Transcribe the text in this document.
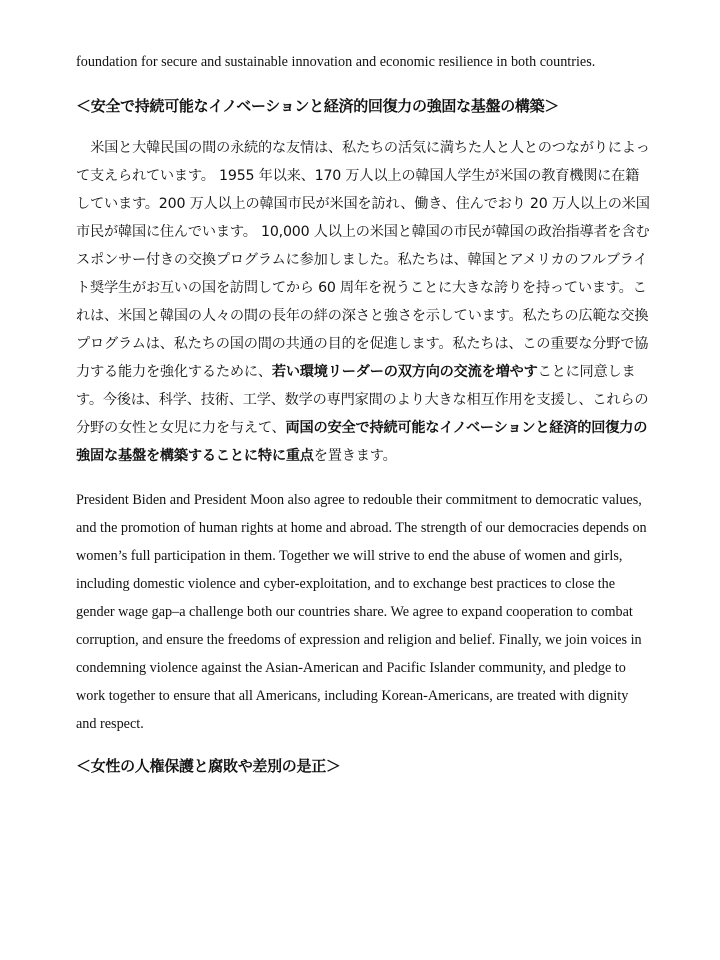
foundation for secure and sustainable innovation and economic resilience in both countries.

＜安全で持続可能なイノベーションと経済的回復力の強固な基盤の構築＞

米国と大韓民国の間の永続的な友情は、私たちの活気に満ちた人と人とのつながりによって支えられています。 1955 年以来、170 万人以上の韓国人学生が米国の教育機関に在籍しています。200 万人以上の韓国市民が米国を訪れ、働き、住んでおり 20 万人以上の米国市民が韓国に住んでいます。 10,000 人以上の米国と韓国の市民が韓国の政治指導者を含むスポンサー付きの交換プログラムに参加しました。私たちは、韓国とアメリカのフルブライト奨学生がお互いの国を訪問してから 60 周年を祝うことに大きな誇りを持っています。これは、米国と韓国の人々の間の長年の絆の深さと強さを示しています。私たちの広範な交換プログラムは、私たちの国の間の共通の目的を促進します。私たちは、この重要な分野で協力する能力を強化するために、若い環境リーダーの双方向の交流を増やすことに同意します。今後は、科学、技術、工学、数学の専門家間のより大きな相互作用を支援し、これらの分野の女性と女児に力を与えて、両国の安全で持続可能なイノベーションと経済的回復力の強固な基盤を構築することに特に重点を置きます。

President Biden and President Moon also agree to redouble their commitment to democratic values, and the promotion of human rights at home and abroad. The strength of our democracies depends on women’s full participation in them. Together we will strive to end the abuse of women and girls, including domestic violence and cyber-exploitation, and to exchange best practices to close the gender wage gap–a challenge both our countries share. We agree to expand cooperation to combat corruption, and ensure the freedoms of expression and religion and belief. Finally, we join voices in condemning violence against the Asian-American and Pacific Islander community, and pledge to work together to ensure that all Americans, including Korean-Americans, are treated with dignity and respect.

＜女性の人権保護と腐敗や差別の是正＞
